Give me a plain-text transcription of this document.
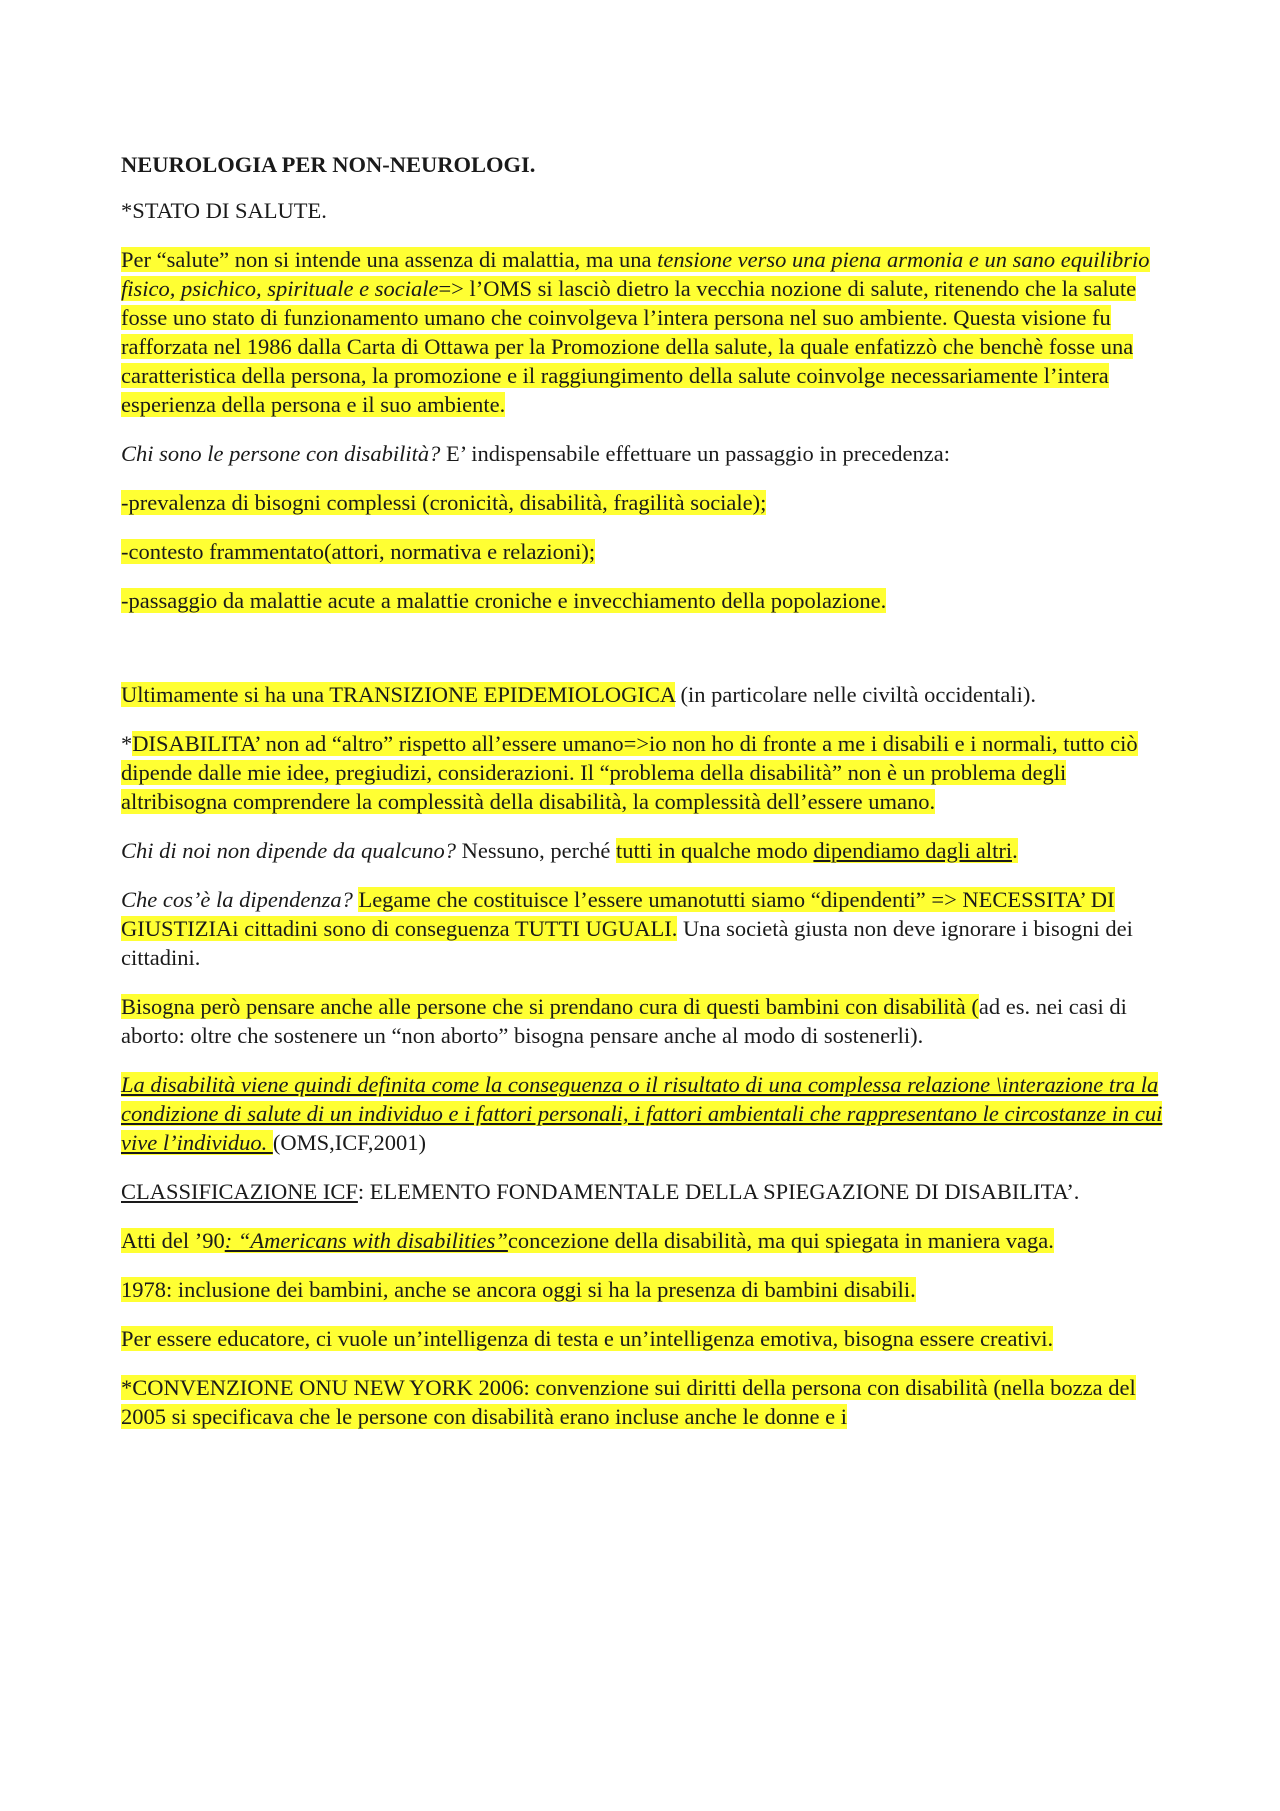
NEUROLOGIA PER NON-NEUROLOGI.

*STATO DI SALUTE.

Per “salute” non si intende una assenza di malattia, ma una tensione verso una piena armonia e un sano equilibrio fisico, psichico, spirituale e sociale=> l’OMS si lasciò dietro la vecchia nozione di salute, ritenendo che la salute fosse uno stato di funzionamento umano che coinvolgeva l’intera persona nel suo ambiente. Questa visione fu rafforzata nel 1986 dalla Carta di Ottawa per la Promozione della salute, la quale enfatizzò che benchè fosse una caratteristica della persona, la promozione e il raggiungimento della salute coinvolge necessariamente l’intera esperienza della persona e il suo ambiente.

Chi sono le persone con disabilità? E’ indispensabile effettuare un passaggio in precedenza:

-prevalenza di bisogni complessi (cronicità, disabilità, fragilità sociale);

-contesto frammentato(attori, normativa e relazioni);

-passaggio da malattie acute a malattie croniche e invecchiamento della popolazione.

Ultimamente si ha una TRANSIZIONE EPIDEMIOLOGICA (in particolare nelle civiltà occidentali).

*DISABILITA’ non ad “altro” rispetto all’essere umano=>io non ho di fronte a me i disabili e i normali, tutto ciò dipende dalle mie idee, pregiudizi, considerazioni. Il “problema della disabilità” non è un problema degli altribisogna comprendere la complessità della disabilità, la complessità dell’essere umano.

Chi di noi non dipende da qualcuno? Nessuno, perché tutti in qualche modo dipendiamo dagli altri.

Che cos’è la dipendenza? Legame che costituisce l’essere umanotutti siamo “dipendenti” => NECESSITA’ DI GIUSTIZIAi cittadini sono di conseguenza TUTTI UGUALI. Una società giusta non deve ignorare i bisogni dei cittadini.

Bisogna però pensare anche alle persone che si prendano cura di questi bambini con disabilità (ad es. nei casi di aborto: oltre che sostenere un “non aborto” bisogna pensare anche al modo di sostenerli).

La disabilità viene quindi definita come la conseguenza o il risultato di una complessa relazione \interazione tra la condizione di salute di un individuo e i fattori personali, i fattori ambientali che rappresentano le circostanze in cui vive l’individuo. (OMS,ICF,2001)

CLASSIFICAZIONE ICF: ELEMENTO FONDAMENTALE DELLA SPIEGAZIONE DI DISABILITA’.

Atti del ’90: “Americans with disabilities”concezione della disabilità, ma qui spiegata in maniera vaga.

1978: inclusione dei bambini, anche se ancora oggi si ha la presenza di bambini disabili.

Per essere educatore, ci vuole un’intelligenza di testa e un’intelligenza emotiva, bisogna essere creativi.

*CONVENZIONE ONU NEW YORK 2006: convenzione sui diritti della persona con disabilità (nella bozza del 2005 si specificava che le persone con disabilità erano incluse anche le donne e i
